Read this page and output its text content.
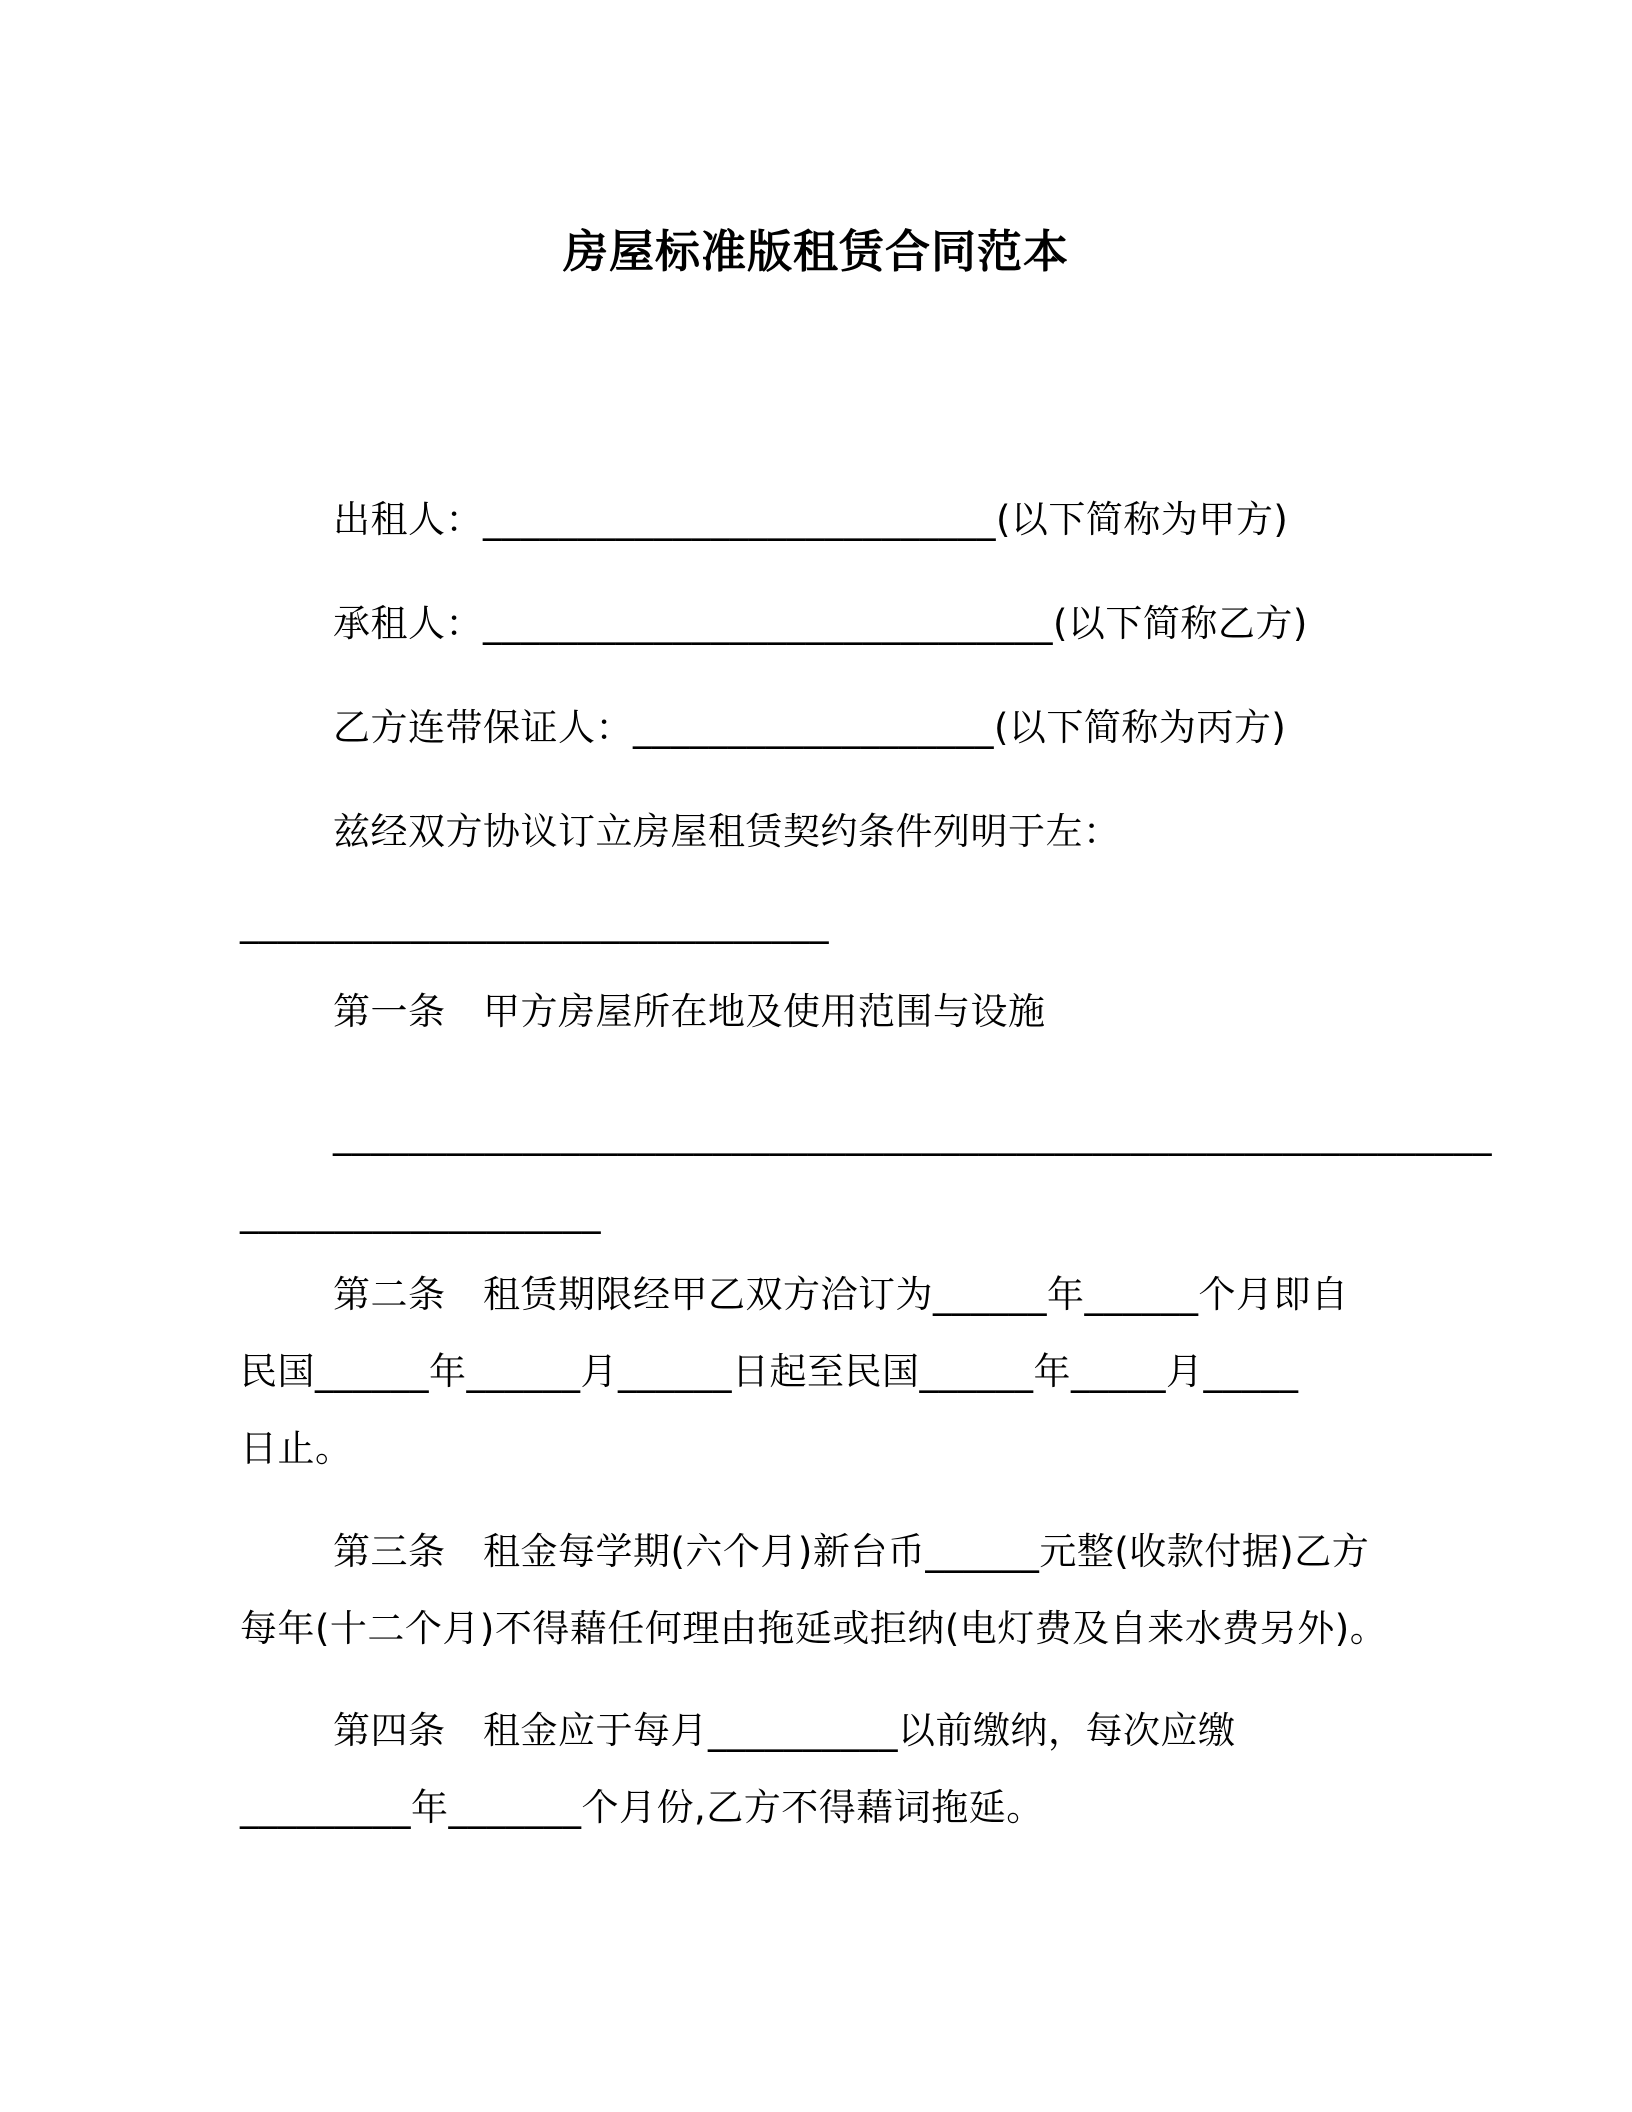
房屋标准版租赁合同范本
出租人：___________________________(以下简称为甲方)
承租人：______________________________(以下简称乙方)
乙方连带保证人：___________________(以下简称为丙方)
兹经双方协议订立房屋租赁契约条件列明于左：
_______________________________
第一条　甲方房屋所在地及使用范围与设施
_____________________________________________________________
___________________
第二条　租赁期限经甲乙双方洽订为______年______个月即自
民国______年______月______日起至民国______年_____月_____
日止。
第三条　租金每学期(六个月)新台币______元整(收款付据)乙方
每年(十二个月)不得藉任何理由拖延或拒纳(电灯费及自来水费另外)。
第四条　租金应于每月__________以前缴纳，每次应缴
_________年_______个月份,乙方不得藉词拖延。
